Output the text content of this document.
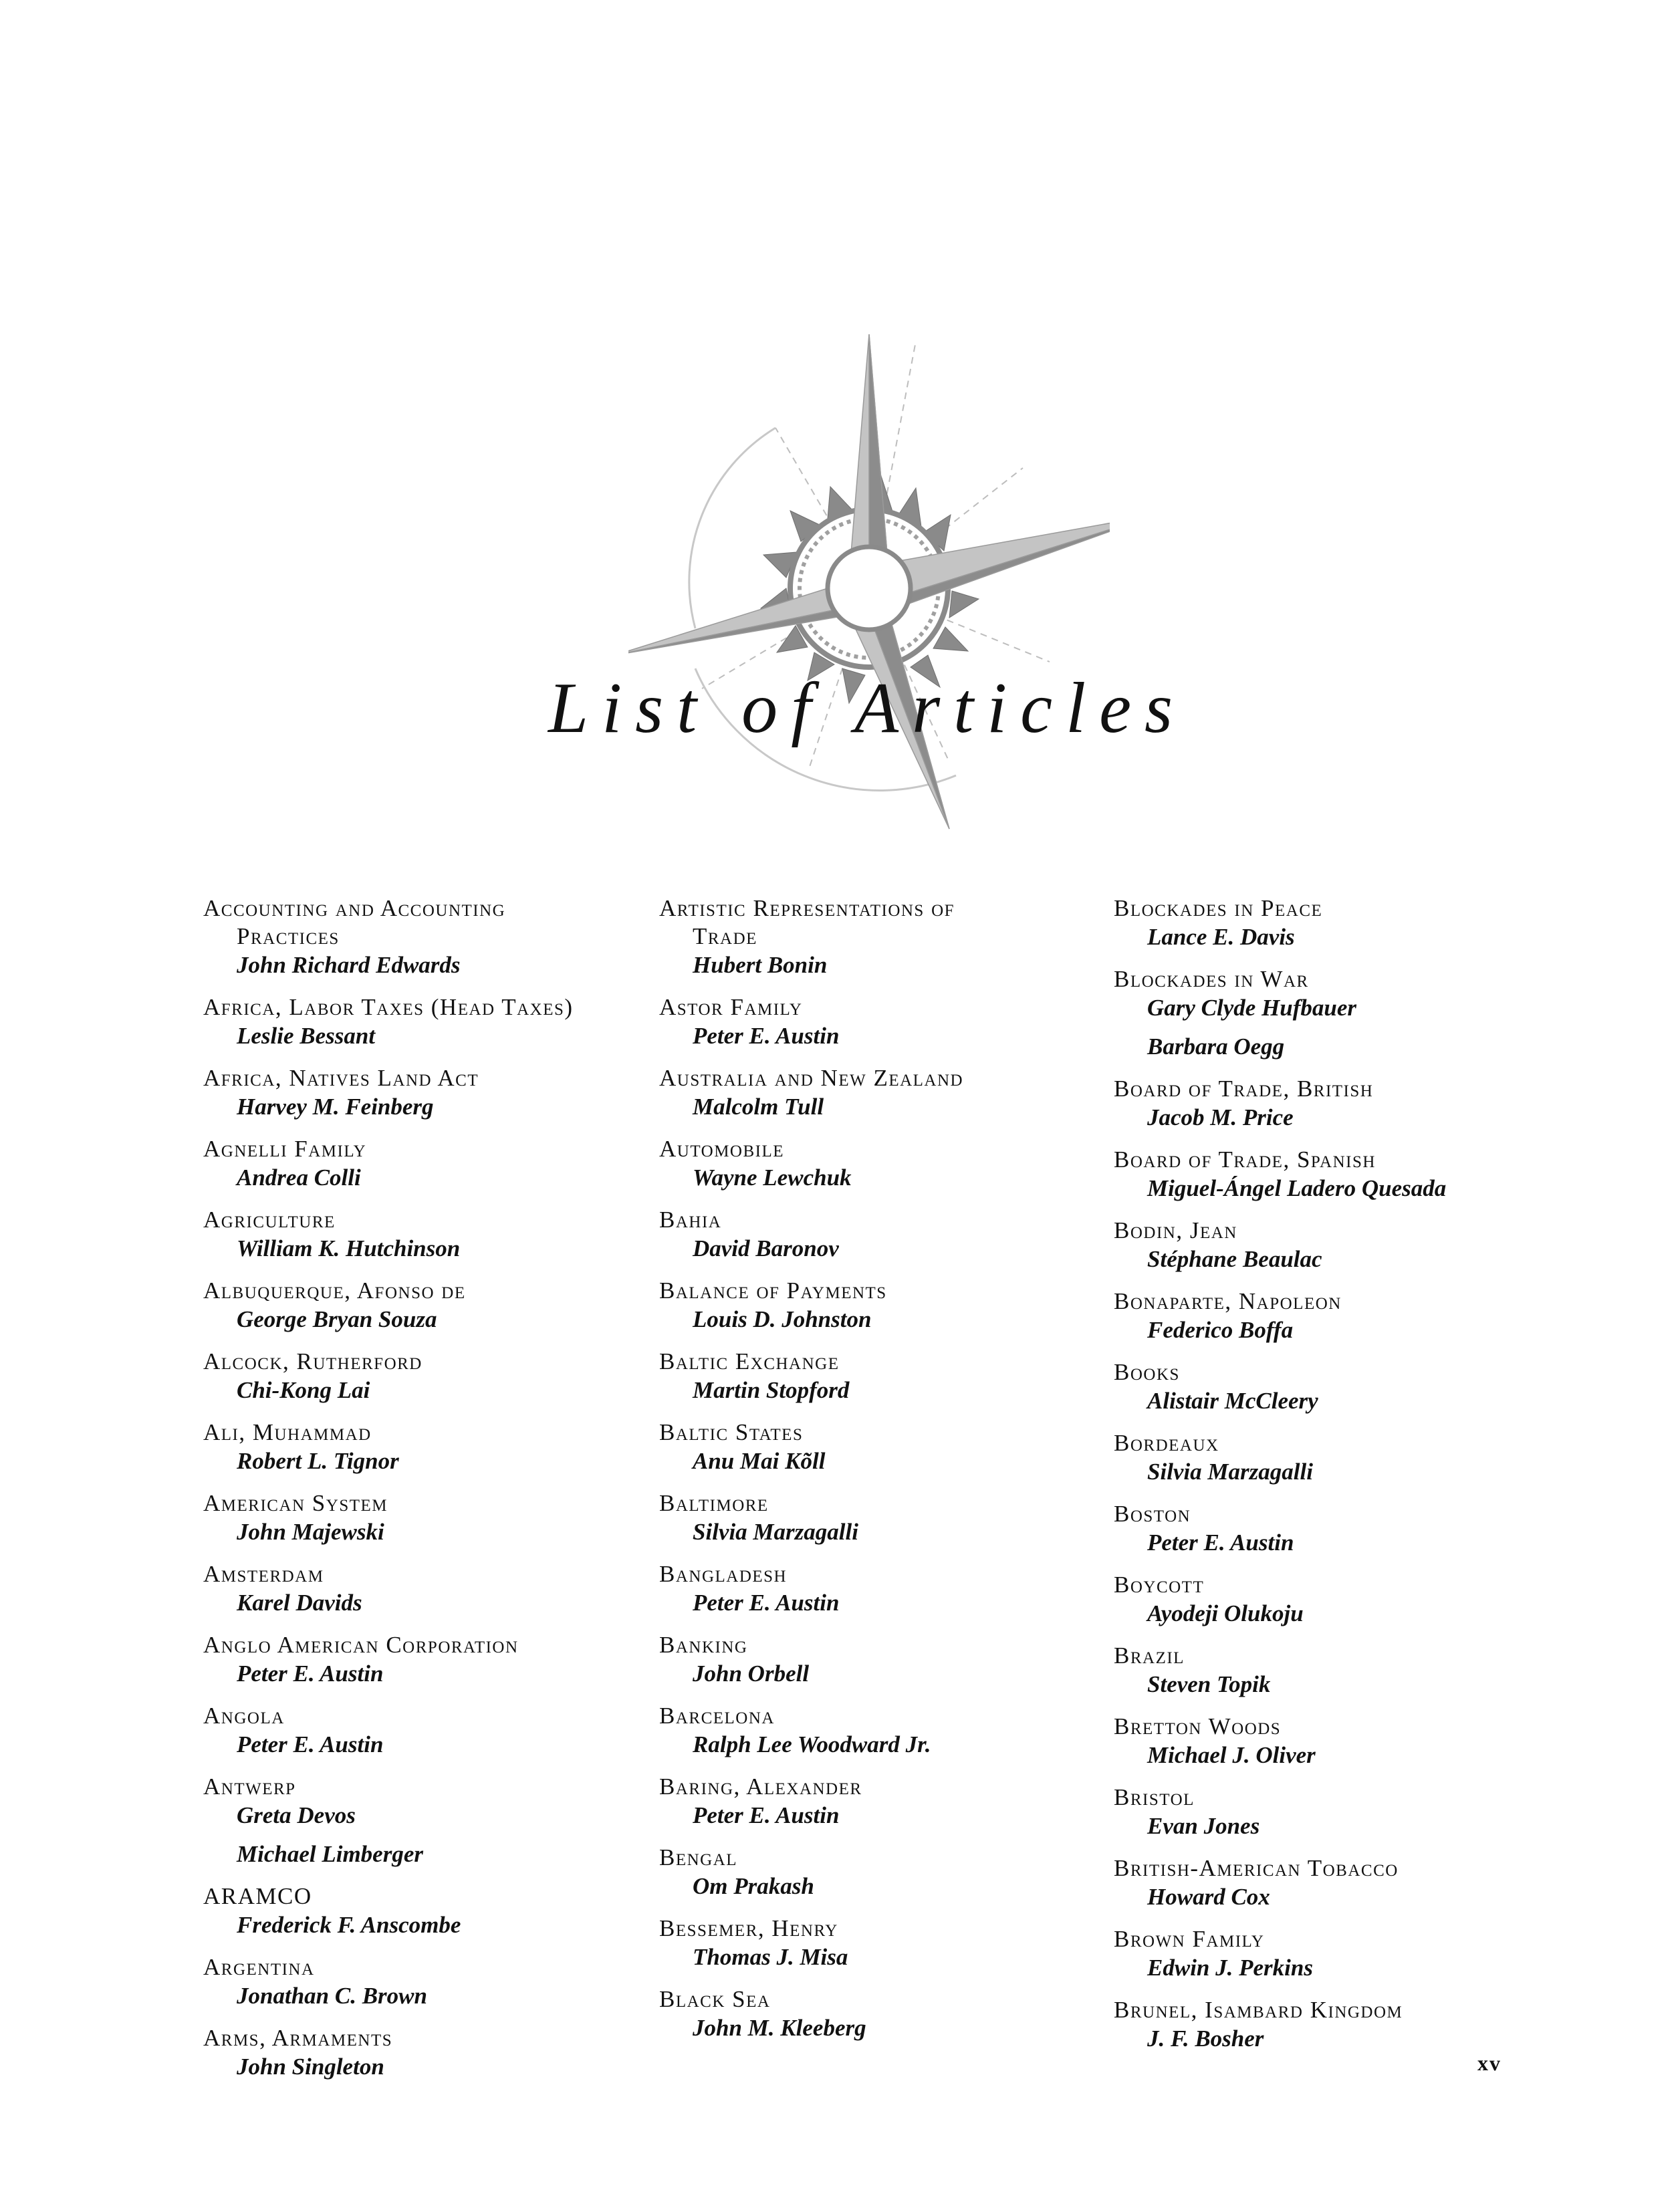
List of Articles
Accounting and Accounting
Practices
John Richard Edwards
Africa, Labor Taxes (Head Taxes)
Leslie Bessant
Africa, Natives Land Act
Harvey M. Feinberg
Agnelli Family
Andrea Colli
Agriculture
William K. Hutchinson
Albuquerque, Afonso de
George Bryan Souza
Alcock, Rutherford
Chi-Kong Lai
Ali, Muhammad
Robert L. Tignor
American System
John Majewski
Amsterdam
Karel Davids
Anglo American Corporation
Peter E. Austin
Angola
Peter E. Austin
Antwerp
Greta Devos
Michael Limberger
ARAMCO
Frederick F. Anscombe
Argentina
Jonathan C. Brown
Arms, Armaments
John Singleton
Artistic Representations of
Trade
Hubert Bonin
Astor Family
Peter E. Austin
Australia and New Zealand
Malcolm Tull
Automobile
Wayne Lewchuk
Bahia
David Baronov
Balance of Payments
Louis D. Johnston
Baltic Exchange
Martin Stopford
Baltic States
Anu Mai Kõll
Baltimore
Silvia Marzagalli
Bangladesh
Peter E. Austin
Banking
John Orbell
Barcelona
Ralph Lee Woodward Jr.
Baring, Alexander
Peter E. Austin
Bengal
Om Prakash
Bessemer, Henry
Thomas J. Misa
Black Sea
John M. Kleeberg
Blockades in Peace
Lance E. Davis
Blockades in War
Gary Clyde Hufbauer
Barbara Oegg
Board of Trade, British
Jacob M. Price
Board of Trade, Spanish
Miguel-Ángel Ladero Quesada
Bodin, Jean
Stéphane Beaulac
Bonaparte, Napoleon
Federico Boffa
Books
Alistair McCleery
Bordeaux
Silvia Marzagalli
Boston
Peter E. Austin
Boycott
Ayodeji Olukoju
Brazil
Steven Topik
Bretton Woods
Michael J. Oliver
Bristol
Evan Jones
British-American Tobacco
Howard Cox
Brown Family
Edwin J. Perkins
Brunel, Isambard Kingdom
J. F. Bosher
xv
